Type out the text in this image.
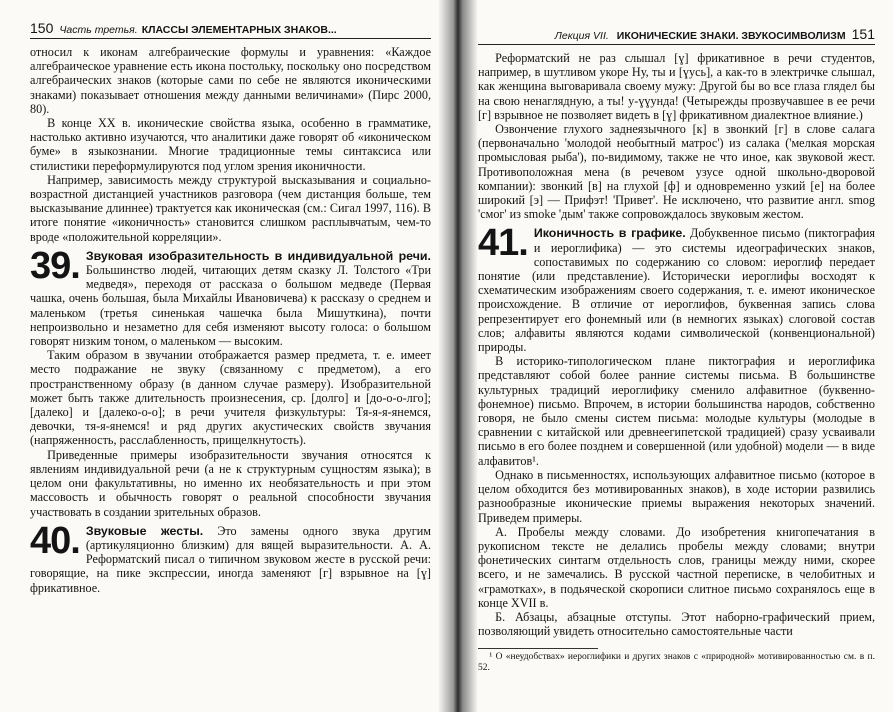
150 Часть третья. КЛАССЫ ЭЛЕМЕНТАРНЫХ ЗНАКОВ...

относил к иконам алгебраические формулы и уравнения: «Каждое алгебраическое уравнение есть икона постольку, поскольку оно посредством алгебраических знаков (которые сами по себе не являются иконическими знаками) показывает отношения между данными величинами» (Пирс 2000, 80).

В конце XX в. иконические свойства языка, особенно в грамматике, настолько активно изучаются, что аналитики даже говорят об «иконическом буме» в языкознании. Многие традиционные темы синтаксиса или стилистики переформулируются под углом зрения иконичности.

Например, зависимость между структурой высказывания и социально-возрастной дистанцией участников разговора (чем дистанция больше, тем высказывание длиннее) трактуется как иконическая (см.: Сигал 1997, 116). В итоге понятие «иконичность» становится слишком расплывчатым, чем-то вроде «положительной корреляции».

39. Звуковая изобразительность в индивидуальной речи. Большинство людей, читающих детям сказку Л. Толстого «Три медведя», переходя от рассказа о большом медведе (Первая чашка, очень большая, была Михайлы Ивановичева) к рассказу о среднем и маленьком (третья синенькая чашечка была Мишуткина), почти непроизвольно и незаметно для себя изменяют высоту голоса: о большом говорят низким тоном, о маленьком — высоким.

Таким образом в звучании отображается размер предмета, т. е. имеет место подражание не звуку (связанному с предметом), а его пространственному образу (в данном случае размеру). Изобразительной может быть также длительность произнесения, ср. [долго] и [до-о-о-лго]; [далеко] и [далеко-о-о]; в речи учителя физкультуры: Тя-я-я-янемся, девочки, тя-я-янемся! и ряд других акустических свойств звучания (напряженность, расслабленность, прищелкнутость).

Приведенные примеры изобразительности звучания относятся к явлениям индивидуальной речи (а не к структурным сущностям языка); в целом они факультативны, но именно их необязательность и при этом массовость и обычность говорят о реальной способности звучания участвовать в создании зрительных образов.

40. Звуковые жесты. Это замены одного звука другим (артикуляционно близким) для вящей выразительности. А. А. Реформатский писал о типичном звуковом жесте в русской речи: говорящие, на пике экспрессии, иногда заменяют [г] взрывное на [ɣ] фрикативное.

Лекция VII. ИКОНИЧЕСКИЕ ЗНАКИ. ЗВУКОСИМВОЛИЗМ 151

Реформатский не раз слышал [ɣ] фрикативное в речи студентов, например, в шутливом укоре Ну, ты и [ɣусь], а как-то в электричке слышал, как женщина выговаривала своему мужу: Другой бы во все глаза глядел бы на свою ненаглядную, а ты! у-ɣɣунда! (Четырежды прозвучавшее в ее речи [г] взрывное не позволяет видеть в [ɣ] фрикативном диалектное влияние.)

Озвончение глухого заднеязычного [к] в звонкий [г] в слове салага (первоначально 'молодой необытный матрос') из салака ('мелкая морская промысловая рыба'), по-видимому, также не что иное, как звуковой жест. Противоположная мена (в речевом узусе одной школьно-дворовой компании): звонкий [в] на глухой [ф] и одновременно узкий [е] на более широкий [э] — Прифэт! 'Привет'. Не исключено, что развитие англ. smog 'смог' из smoke 'дым' также сопровождалось звуковым жестом.

41. Иконичность в графике. Добуквенное письмо (пиктография и иероглифика) — это системы идеографических знаков, сопоставимых по содержанию со словом: иероглиф передает понятие (или представление). Исторически иероглифы восходят к схематическим изображениям своего содержания, т. е. имеют иконическое происхождение. В отличие от иероглифов, буквенная запись слова репрезентирует его фонемный или (в немногих языках) слоговой состав слов; алфавиты являются кодами символической (конвенциональной) природы.

В историко-типологическом плане пиктография и иероглифика представляют собой более ранние системы письма. В большинстве культурных традиций иероглифику сменило алфавитное (буквенно-фонемное) письмо. Впрочем, в истории большинства народов, собственно говоря, не было смены систем письма: молодые культуры (молодые в сравнении с китайской или древнеегипетской традицией) сразу усваивали письмо в его более позднем и совершенной (или удобной) модели — в виде алфавитов¹.

Однако в письменностях, использующих алфавитное письмо (которое в целом обходится без мотивированных знаков), в ходе истории развились разнообразные иконические приемы выражения некоторых значений. Приведем примеры.

А. Пробелы между словами. До изобретения книгопечатания в рукописном тексте не делались пробелы между словами; внутри фонетических синтагм отдельность слов, границы между ними, скорее всего, и не замечались. В русской частной переписке, в челобитных и «грамотках», в подьяческой скорописи слитное письмо сохранялось еще в конце XVII в.

Б. Абзацы, абзацные отступы. Этот наборно-графический прием, позволяющий увидеть относительно самостоятельные части

¹ О «неудобствах» иероглифики и других знаков с «природной» мотивированностью см. в п. 52.
